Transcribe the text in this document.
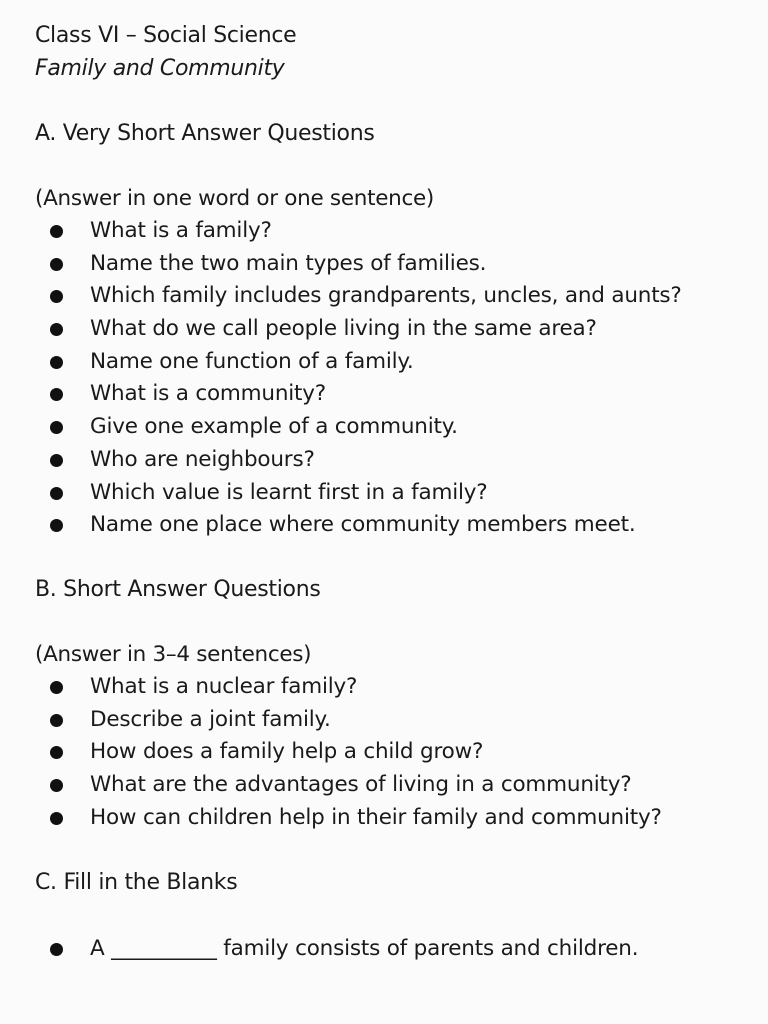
Class VI – Social Science
Family and Community
A. Very Short Answer Questions
(Answer in one word or one sentence)
What is a family?
Name the two main types of families.
Which family includes grandparents, uncles, and aunts?
What do we call people living in the same area?
Name one function of a family.
What is a community?
Give one example of a community.
Who are neighbours?
Which value is learnt first in a family?
Name one place where community members meet.
B. Short Answer Questions
(Answer in 3–4 sentences)
What is a nuclear family?
Describe a joint family.
How does a family help a child grow?
What are the advantages of living in a community?
How can children help in their family and community?
C. Fill in the Blanks
A __________ family consists of parents and children.
